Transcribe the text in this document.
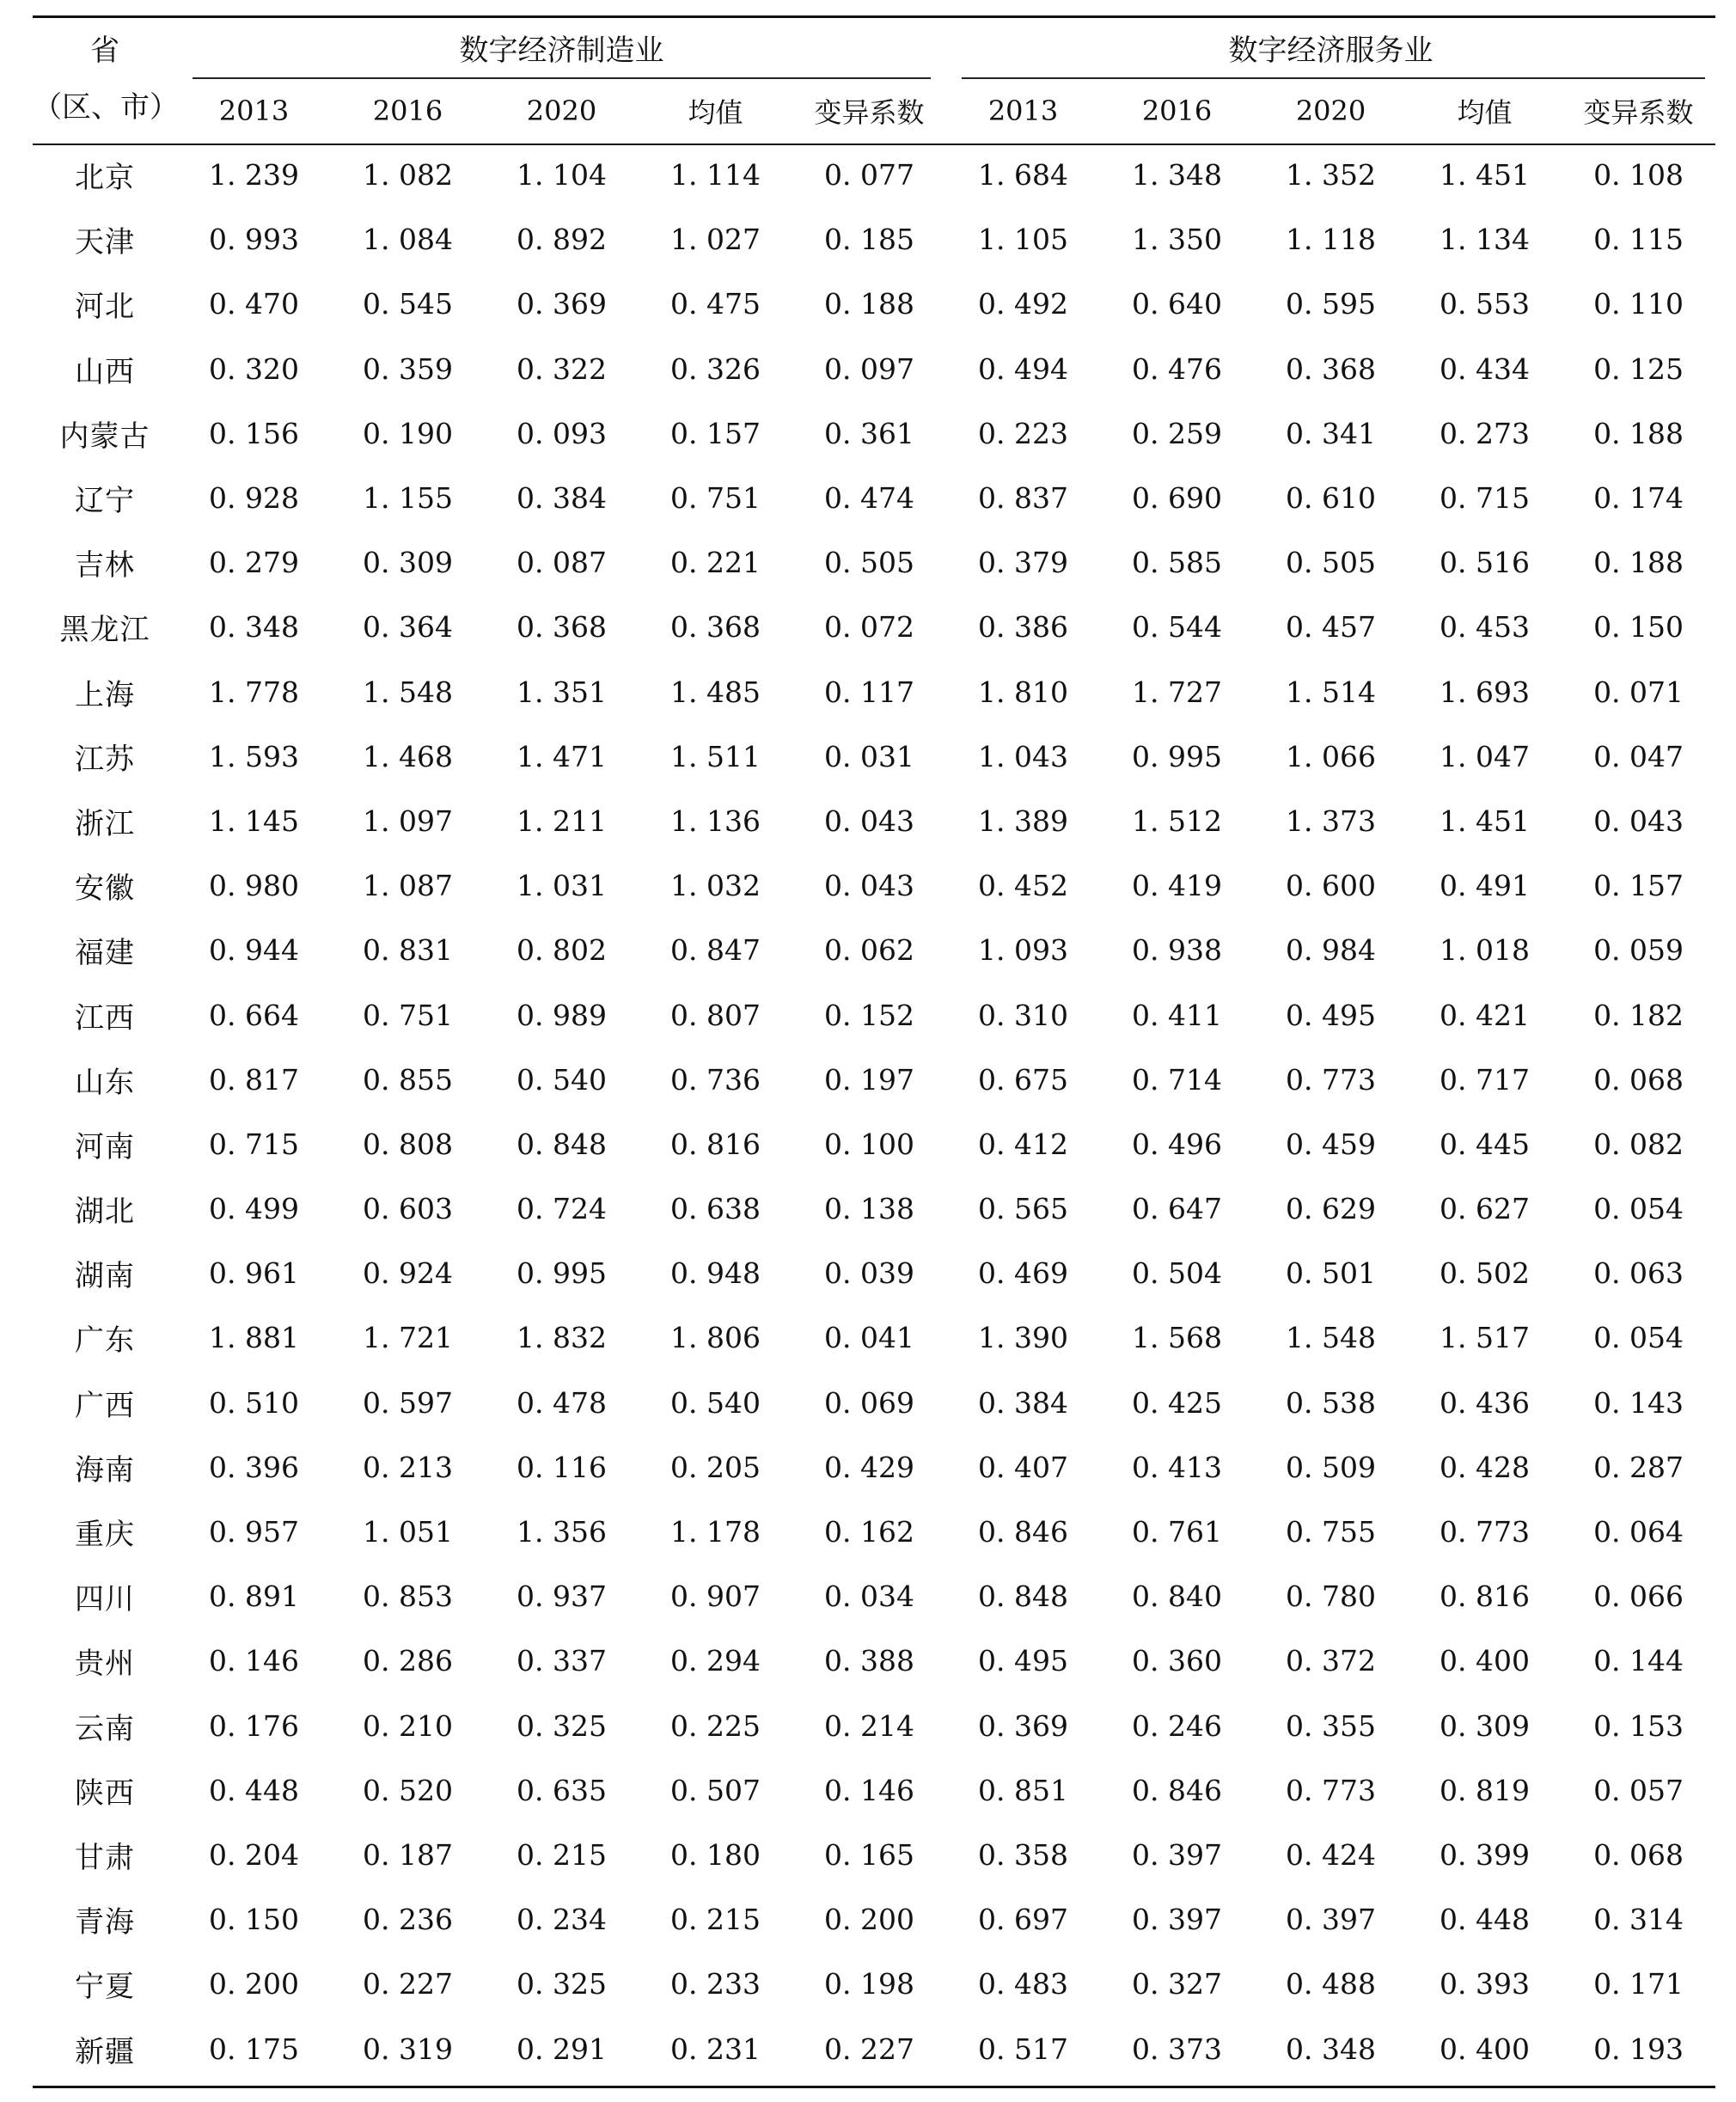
省
（区、市）	数字经济制造业					数字经济服务业				

	2013	2016	2020	均值	变异系数	2013	2016	2020	均值	变异系数
北京	1. 239	1. 082	1. 104	1. 114	0. 077	1. 684	1. 348	1. 352	1. 451	0. 108
天津	0. 993	1. 084	0. 892	1. 027	0. 185	1. 105	1. 350	1. 118	1. 134	0. 115
河北	0. 470	0. 545	0. 369	0. 475	0. 188	0. 492	0. 640	0. 595	0. 553	0. 110
山西	0. 320	0. 359	0. 322	0. 326	0. 097	0. 494	0. 476	0. 368	0. 434	0. 125
内蒙古	0. 156	0. 190	0. 093	0. 157	0. 361	0. 223	0. 259	0. 341	0. 273	0. 188
辽宁	0. 928	1. 155	0. 384	0. 751	0. 474	0. 837	0. 690	0. 610	0. 715	0. 174
吉林	0. 279	0. 309	0. 087	0. 221	0. 505	0. 379	0. 585	0. 505	0. 516	0. 188
黑龙江	0. 348	0. 364	0. 368	0. 368	0. 072	0. 386	0. 544	0. 457	0. 453	0. 150
上海	1. 778	1. 548	1. 351	1. 485	0. 117	1. 810	1. 727	1. 514	1. 693	0. 071
江苏	1. 593	1. 468	1. 471	1. 511	0. 031	1. 043	0. 995	1. 066	1. 047	0. 047
浙江	1. 145	1. 097	1. 211	1. 136	0. 043	1. 389	1. 512	1. 373	1. 451	0. 043
安徽	0. 980	1. 087	1. 031	1. 032	0. 043	0. 452	0. 419	0. 600	0. 491	0. 157
福建	0. 944	0. 831	0. 802	0. 847	0. 062	1. 093	0. 938	0. 984	1. 018	0. 059
江西	0. 664	0. 751	0. 989	0. 807	0. 152	0. 310	0. 411	0. 495	0. 421	0. 182
山东	0. 817	0. 855	0. 540	0. 736	0. 197	0. 675	0. 714	0. 773	0. 717	0. 068
河南	0. 715	0. 808	0. 848	0. 816	0. 100	0. 412	0. 496	0. 459	0. 445	0. 082
湖北	0. 499	0. 603	0. 724	0. 638	0. 138	0. 565	0. 647	0. 629	0. 627	0. 054
湖南	0. 961	0. 924	0. 995	0. 948	0. 039	0. 469	0. 504	0. 501	0. 502	0. 063
广东	1. 881	1. 721	1. 832	1. 806	0. 041	1. 390	1. 568	1. 548	1. 517	0. 054
广西	0. 510	0. 597	0. 478	0. 540	0. 069	0. 384	0. 425	0. 538	0. 436	0. 143
海南	0. 396	0. 213	0. 116	0. 205	0. 429	0. 407	0. 413	0. 509	0. 428	0. 287
重庆	0. 957	1. 051	1. 356	1. 178	0. 162	0. 846	0. 761	0. 755	0. 773	0. 064
四川	0. 891	0. 853	0. 937	0. 907	0. 034	0. 848	0. 840	0. 780	0. 816	0. 066
贵州	0. 146	0. 286	0. 337	0. 294	0. 388	0. 495	0. 360	0. 372	0. 400	0. 144
云南	0. 176	0. 210	0. 325	0. 225	0. 214	0. 369	0. 246	0. 355	0. 309	0. 153
陕西	0. 448	0. 520	0. 635	0. 507	0. 146	0. 851	0. 846	0. 773	0. 819	0. 057
甘肃	0. 204	0. 187	0. 215	0. 180	0. 165	0. 358	0. 397	0. 424	0. 399	0. 068
青海	0. 150	0. 236	0. 234	0. 215	0. 200	0. 697	0. 397	0. 397	0. 448	0. 314
宁夏	0. 200	0. 227	0. 325	0. 233	0. 198	0. 483	0. 327	0. 488	0. 393	0. 171
新疆	0. 175	0. 319	0. 291	0. 231	0. 227	0. 517	0. 373	0. 348	0. 400	0. 193
